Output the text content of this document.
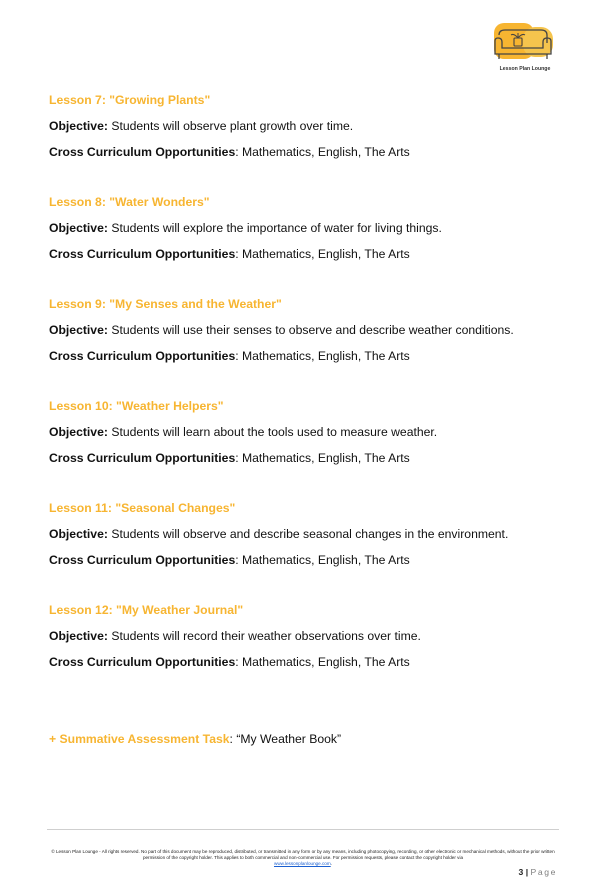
Lesson Plan Lounge
Lesson 7: "Growing Plants"
Objective: Students will observe plant growth over time.
Cross Curriculum Opportunities: Mathematics, English, The Arts
Lesson 8: "Water Wonders"
Objective: Students will explore the importance of water for living things.
Cross Curriculum Opportunities: Mathematics, English, The Arts
Lesson 9: "My Senses and the Weather"
Objective: Students will use their senses to observe and describe weather conditions.
Cross Curriculum Opportunities: Mathematics, English, The Arts
Lesson 10: "Weather Helpers"
Objective: Students will learn about the tools used to measure weather.
Cross Curriculum Opportunities: Mathematics, English, The Arts
Lesson 11: "Seasonal Changes"
Objective: Students will observe and describe seasonal changes in the environment.
Cross Curriculum Opportunities: Mathematics, English, The Arts
Lesson 12: "My Weather Journal"
Objective: Students will record their weather observations over time.
Cross Curriculum Opportunities: Mathematics, English, The Arts
+ Summative Assessment Task: “My Weather Book”
© Lesson Plan Lounge - All rights reserved. No part of this document may be reproduced, distributed, or transmitted in any form or by any means, including photocopying, recording, or other electronic or mechanical methods, without the prior written permission of the copyright holder. This applies to both commercial and non-commercial use. For permission requests, please contact the copyright holder via
www.lessonplanlounge.com.
3 | Page
